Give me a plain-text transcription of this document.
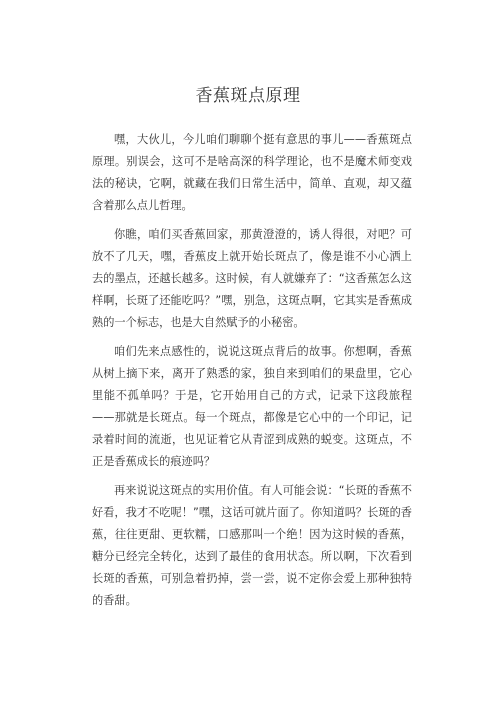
香蕉斑点原理

嘿，大伙儿，今儿咱们聊聊个挺有意思的事儿——香蕉斑点原理。别误会，这可不是啥高深的科学理论，也不是魔术师变戏法的秘诀，它啊，就藏在我们日常生活中，简单、直观，却又蕴含着那么点儿哲理。

你瞧，咱们买香蕉回家，那黄澄澄的，诱人得很，对吧？可放不了几天，嘿，香蕉皮上就开始长斑点了，像是谁不小心洒上去的墨点，还越长越多。这时候，有人就嫌弃了：“这香蕉怎么这样啊，长斑了还能吃吗？”嘿，别急，这斑点啊，它其实是香蕉成熟的一个标志，也是大自然赋予的小秘密。

咱们先来点感性的，说说这斑点背后的故事。你想啊，香蕉从树上摘下来，离开了熟悉的家，独自来到咱们的果盘里，它心里能不孤单吗？于是，它开始用自己的方式，记录下这段旅程——那就是长斑点。每一个斑点，都像是它心中的一个印记，记录着时间的流逝，也见证着它从青涩到成熟的蜕变。这斑点，不正是香蕉成长的痕迹吗？

再来说说这斑点的实用价值。有人可能会说：“长斑的香蕉不好看，我才不吃呢！”嘿，这话可就片面了。你知道吗？长斑的香蕉，往往更甜、更软糯，口感那叫一个绝！因为这时候的香蕉，糖分已经完全转化，达到了最佳的食用状态。所以啊，下次看到长斑的香蕉，可别急着扔掉，尝一尝，说不定你会爱上那种独特的香甜。
